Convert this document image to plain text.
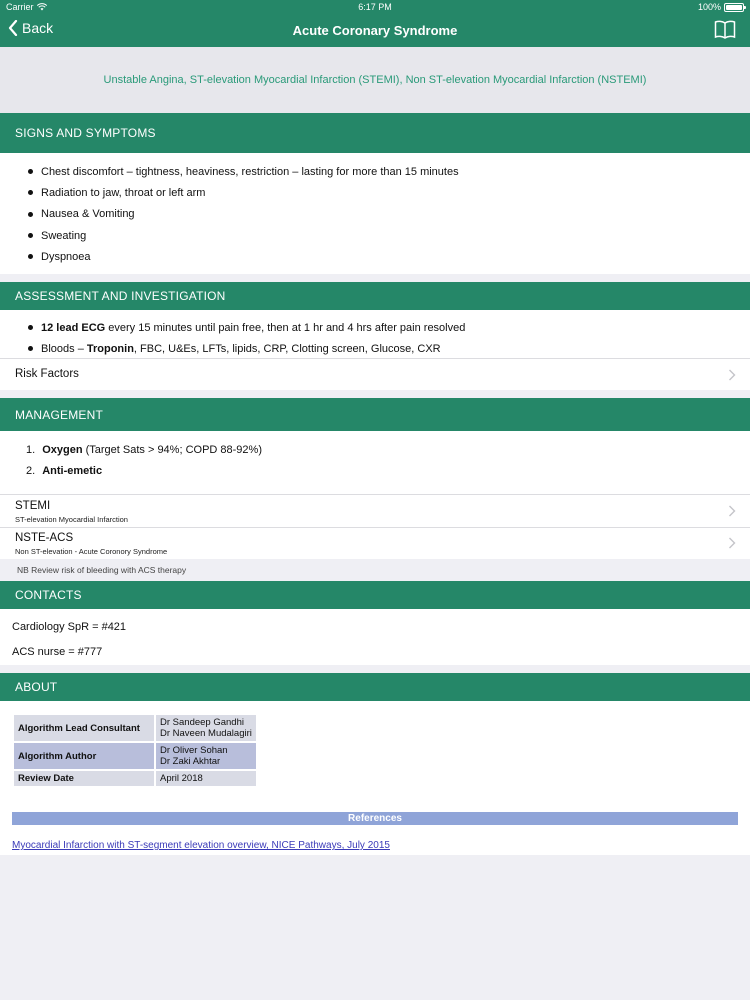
Carrier	6:17 PM	100%
Back	Acute Coronary Syndrome
Unstable Angina, ST-elevation Myocardial Infarction (STEMI), Non ST-elevation Myocardial Infarction (NSTEMI)
SIGNS AND SYMPTOMS
Chest discomfort – tightness, heaviness, restriction – lasting for more than 15 minutes
Radiation to jaw, throat or left arm
Nausea & Vomiting
Sweating
Dyspnoea
ASSESSMENT AND INVESTIGATION
12 lead ECG every 15 minutes until pain free, then at 1 hr and 4 hrs after pain resolved
Bloods – Troponin, FBC, U&Es, LFTs, lipids, CRP, Clotting screen, Glucose, CXR
Risk Factors
MANAGEMENT
1. Oxygen (Target Sats > 94%; COPD 88-92%)
2. Anti-emetic
STEMI
ST-elevation Myocardial Infarction
NSTE-ACS
Non ST-elevation - Acute Coronory Syndrome
NB Review risk of bleeding with ACS therapy
CONTACTS
Cardiology SpR = #421
ACS nurse = #777
ABOUT
Algorithm Lead Consultant	Dr Sandeep Gandhi
Dr Naveen Mudalagiri

Algorithm Author	Dr Oliver Sohan
Dr Zaki Akhtar

Review Date	April 2018
References
Myocardial Infarction with ST-segment elevation overview, NICE Pathways, July 2015
